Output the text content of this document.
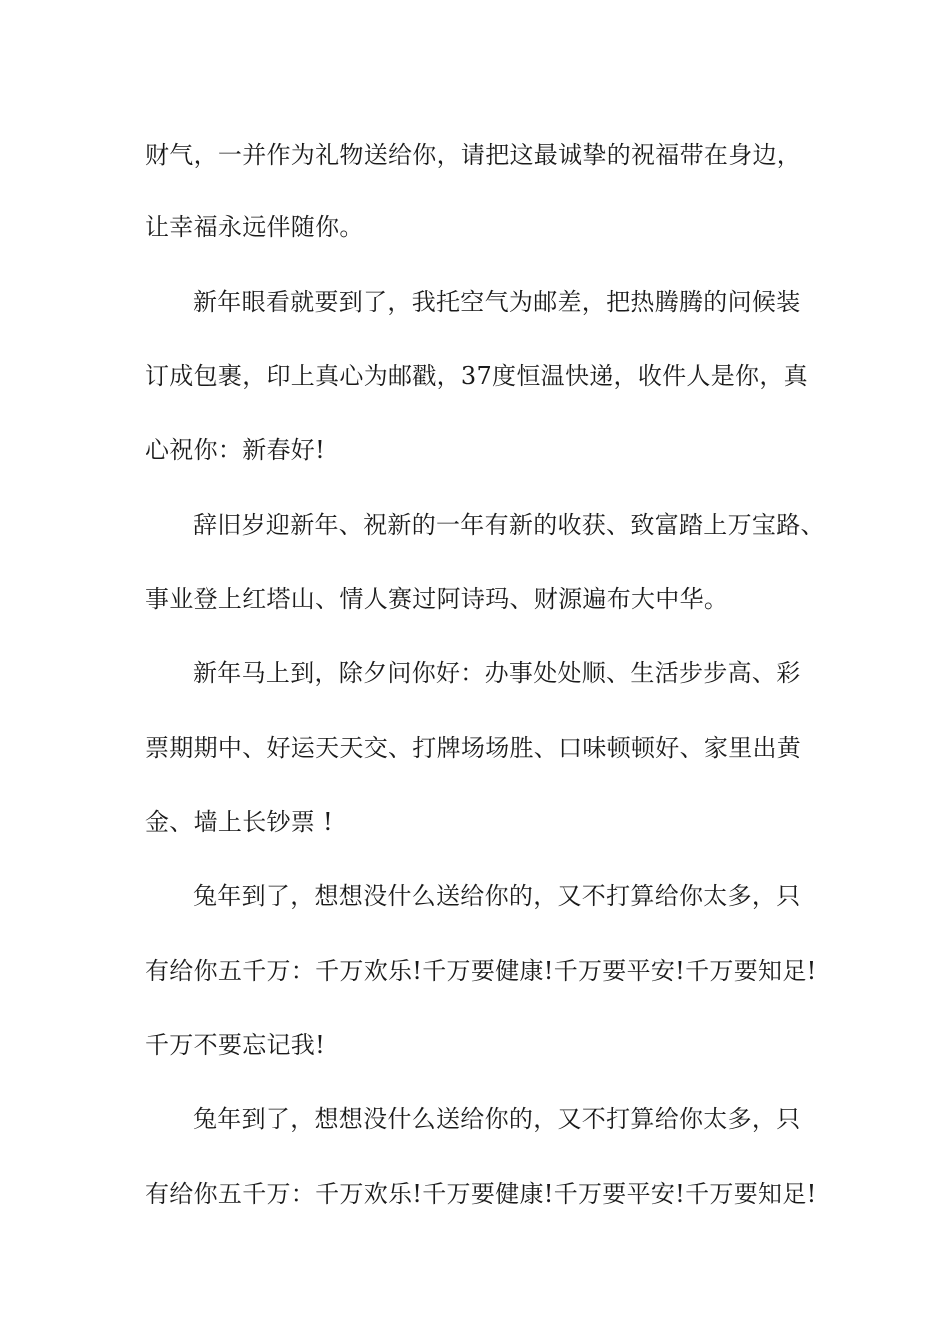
财气，一并作为礼物送给你，请把这最诚挚的祝福带在身边，
让幸福永远伴随你。
新年眼看就要到了，我托空气为邮差，把热腾腾的问候装
订成包裹，印上真心为邮戳，37度恒温快递，收件人是你，真
心祝你：新春好!
辞旧岁迎新年、祝新的一年有新的收获、致富踏上万宝路、
事业登上红塔山、情人赛过阿诗玛、财源遍布大中华。
新年马上到，除夕问你好：办事处处顺、生活步步高、彩
票期期中、好运天天交、打牌场场胜、口味顿顿好、家里出黄
金、墙上长钞票 !
兔年到了，想想没什么送给你的，又不打算给你太多，只
有给你五千万：千万欢乐!千万要健康!千万要平安!千万要知足!
千万不要忘记我!
兔年到了，想想没什么送给你的，又不打算给你太多，只
有给你五千万：千万欢乐!千万要健康!千万要平安!千万要知足!
